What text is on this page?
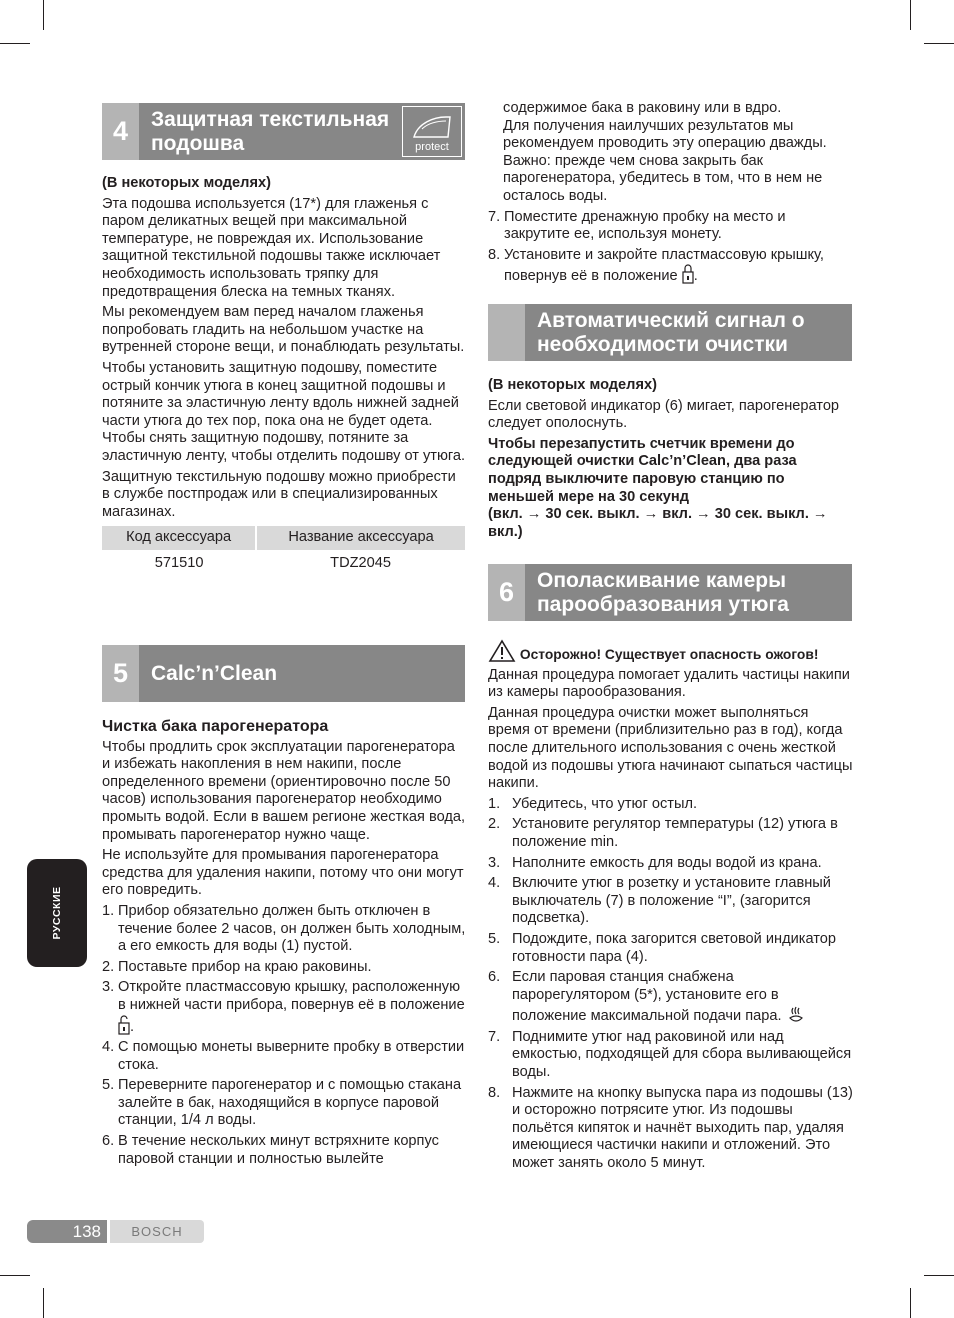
4	Защитная текстильная подошва	protect

(В некоторых моделях)

Эта подошва используется (17*) для глаженья с паром деликатных вещей при максимальной температуре, не повреждая их. Использование защитной текстильной подошвы также исключает необходимость использовать тряпку для предотвращения блеска на темных тканях.

Мы рекомендуем вам перед началом глаженья попробовать гладить на небольшом участке на вутренней стороне вещи, и понаблюдать результаты.

Чтобы установить защитную подошву, поместите острый кончик утюга в конец защитной подошвы и потяните за эластичную ленту вдоль нижней задней части утюга до тех пор, пока она не будет одета. Чтобы снять защитную подошву, потяните за эластичную ленту, чтобы отделить подошву от утюга.

Защитную текстильную подошву можно приобрести в службе постпродаж или в специализированных магазинах.

Код аксессуара	Название аксессуара
571510	TDZ2045
5	Calc’n’Clean

Чистка бака парогенератора

Чтобы продлить срок эксплуатации парогенератора и избежать накопления в нем накипи, после определенного времени (ориентировочно после 50 часов) использования парогенератор необходимо промыть водой. Если в вашем регионе жесткая вода, промывать парогенератор нужно чаще.

Не используйте для промывания парогенератора средства для удаления накипи, потому что они могут его повредить.

1. Прибор обязательно должен быть отключен в течение более 2 часов, он должен быть холодным, а его емкость для воды (1) пустой.
2. Поставьте прибор на краю раковины.
3. Откройте пластмассовую крышку, расположенную в нижней части прибора, повернув её в положение .
4. С помощью монеты выверните пробку в отверстии стока.
5. Переверните парогенератор и с помощью стакана залейте в бак, находящийся в корпусе паровой станции, 1/4 л воды.
6. В течение нескольких минут встряхните корпус паровой станции и полностью вылейте

содержимое бака в раковину или в вдро.

Для получения наилучших результатов мы рекомендуем проводить эту операцию дважды.

Важно: прежде чем снова закрыть бак парогенератора, убедитесь в том, что в нем не осталось воды.

7. Поместите дренажную пробку на место и закрутите ее, используя монету.
8. Установите и закройте пластмассовую крышку, повернув её в положение .
Автоматический сигнал о необходимости очистки

(В некоторых моделях)

Если световой индикатор (6) мигает, парогенератор следует ополоснуть.

Чтобы перезапустить счетчик времени до следующей очистки Calc’n’Clean, два раза подряд выключите паровую станцию по меньшей мере на 30 секунд

(вкл. → 30 сек. выкл. → вкл. → 30 сек. выкл. → вкл.)

6	Ополаскивание камеры парообразования утюга

Осторожно! Существует опасность ожогов!

Данная процедура помогает удалить частицы накипи из камеры парообразования.

Данная процедура очистки может выполняться время от времени (приблизительно раз в год), когда после длительного использования с очень жесткой водой из подошвы утюга начинают сыпаться частицы накипи.

1. Убедитесь, что утюг остыл.
2. Установите регулятор температуры (12) утюга в положение min.
3. Наполните емкость для воды водой из крана.
4. Включите утюг в розетку и установите главный выключатель (7) в положение “I”, (загорится подсветка).
5. Подождите, пока загорится световой индикатор готовности пара (4).
6. Если паровая станция снабжена парорегулятором (5*), установите его в положение максимальной подачи пара.
7. Поднимите утюг над раковиной или над емкостью, подходящей для сбора выливающейся воды.
8. Нажмите на кнопку выпуска пара из подошвы (13) и осторожно потрясите утюг. Из подошвы польётся кипяток и начнёт выходить пар, удаляя имеющиеся частички накипи и отложений. Это может занять около 5 минут.
РУССКИЕ
138	BOSCH
